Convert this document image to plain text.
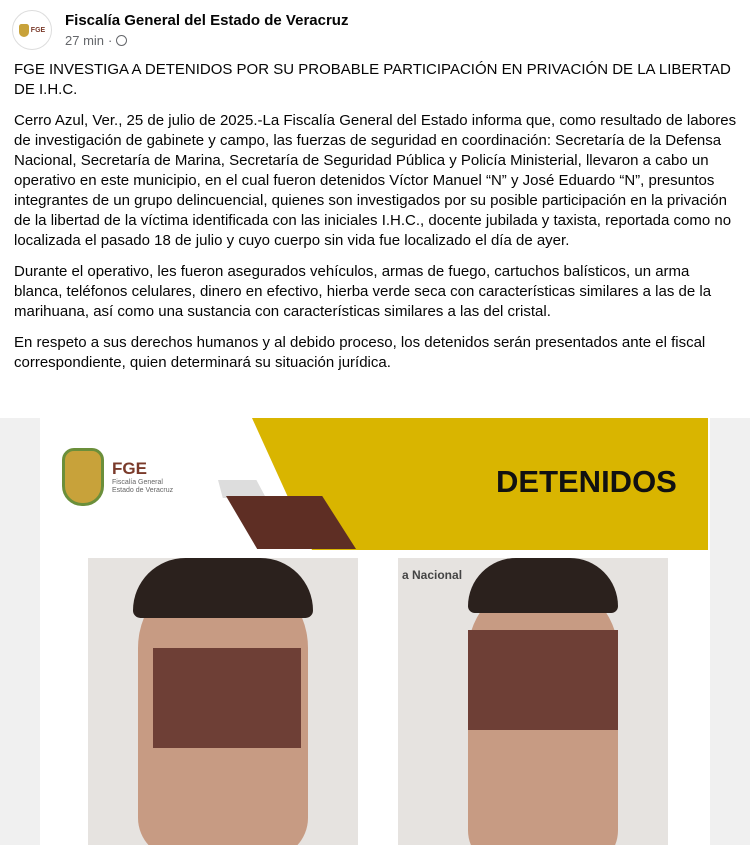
FGE
Fiscalía General del Estado de Veracruz
27 min ·

FGE INVESTIGA A DETENIDOS POR SU PROBABLE PARTICIPACIÓN EN PRIVACIÓN DE LA LIBERTAD DE I.H.C.

Cerro Azul, Ver., 25 de julio de 2025.-La Fiscalía General del Estado informa que, como resultado de labores de investigación de gabinete y campo, las fuerzas de seguridad en coordinación: Secretaría de la Defensa Nacional, Secretaría de Marina, Secretaría de Seguridad Pública y Policía Ministerial, llevaron a cabo un operativo en este municipio, en el cual fueron detenidos Víctor Manuel “N” y José Eduardo “N”, presuntos integrantes de un grupo delincuencial, quienes son investigados por su posible participación en la privación de la libertad de la víctima identificada con las iniciales I.H.C., docente jubilada y taxista, reportada como no localizada el pasado 18 de julio y cuyo cuerpo sin vida fue localizado el día de ayer.

Durante el operativo, les fueron asegurados vehículos, armas de fuego, cartuchos balísticos, un arma blanca, teléfonos celulares, dinero en efectivo, hierba verde seca con características similares a las de la marihuana, así como una sustancia con características similares a las del cristal.

En respeto a sus derechos humanos y al debido proceso, los detenidos serán presentados ante el fiscal correspondiente, quien determinará su situación jurídica.

DETENIDOS
FGE
Fiscalía General
Estado de Veracruz
a Nacional
